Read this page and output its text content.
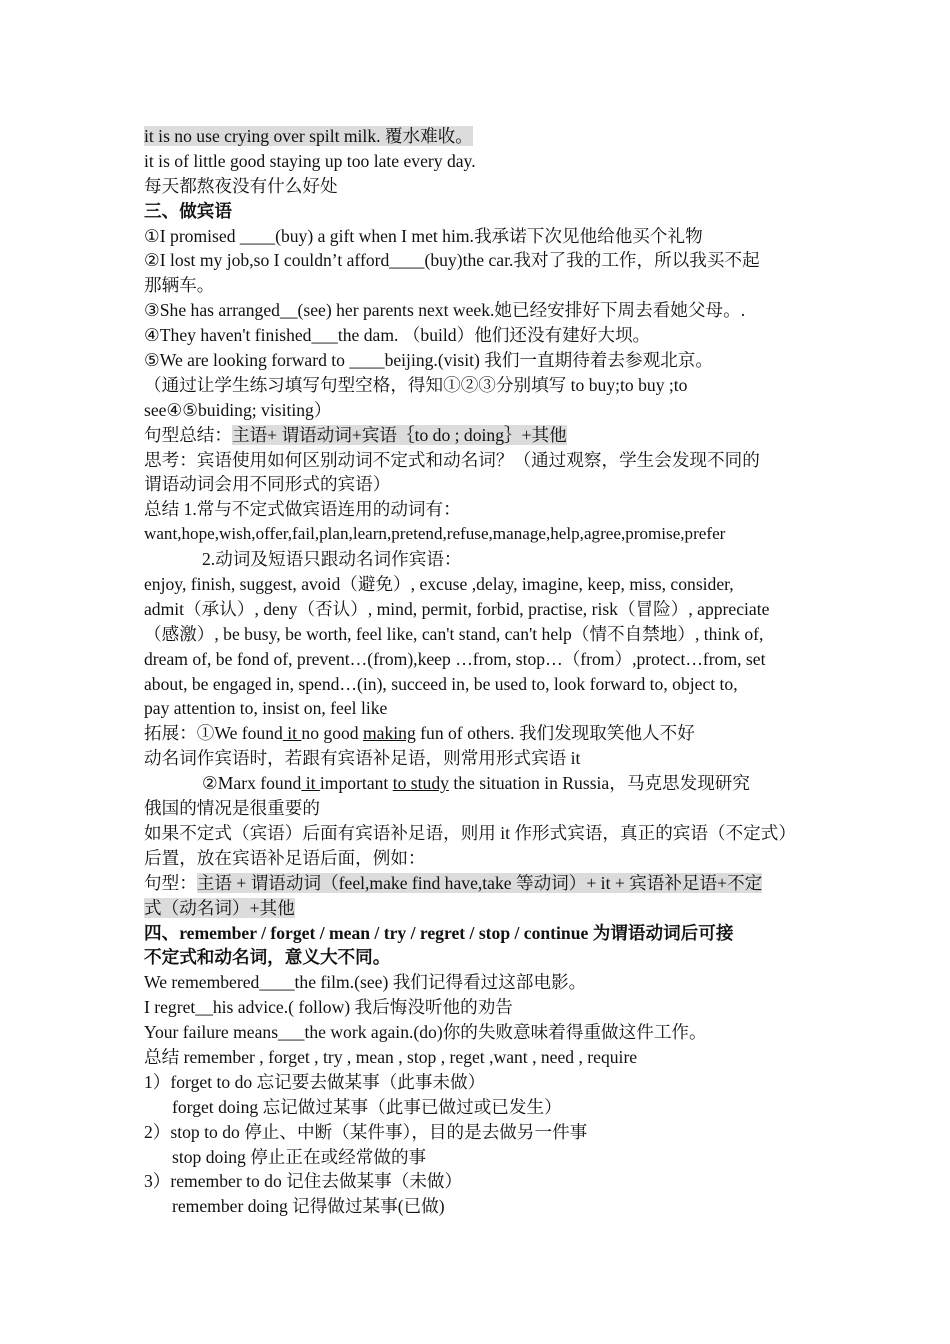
it is no use crying over spilt milk. 覆水难收。
it is of little good staying up too late every day.
每天都熬夜没有什么好处
三、做宾语
①I promised ____(buy) a gift when I met him.我承诺下次见他给他买个礼物
②I lost my job,so I couldn’t afford____(buy)the car.我对了我的工作，所以我买不起
那辆车。
③She has arranged__(see) her parents next week.她已经安排好下周去看她父母。.
④They haven't finished___the dam. （build）他们还没有建好大坝。
⑤We are looking forward to ____beijing.(visit) 我们一直期待着去参观北京。
（通过让学生练习填写句型空格，得知①②③分别填写 to buy;to buy ;to
see④⑤buiding; visiting）
句型总结：主语+ 谓语动词+宾语｛to do ; doing｝+其他
思考：宾语使用如何区别动词不定式和动名词？（通过观察，学生会发现不同的
谓语动词会用不同形式的宾语）
总结 1.常与不定式做宾语连用的动词有：
want,hope,wish,offer,fail,plan,learn,pretend,refuse,manage,help,agree,promise,prefer
2.动词及短语只跟动名词作宾语：
enjoy, finish, suggest, avoid（避免）, excuse ,delay, imagine, keep, miss, consider,
admit（承认）, deny（否认）, mind, permit, forbid, practise, risk（冒险）, appreciate
（感激）, be busy, be worth, feel like, can't stand, can't help（情不自禁地）, think of,
dream of, be fond of, prevent…(from),keep …from, stop…（from）,protect…from, set
about, be engaged in, spend…(in), succeed in, be used to, look forward to, object to,
pay attention to, insist on, feel like
拓展：①We found it no good making fun of others. 我们发现取笑他人不好
动名词作宾语时，若跟有宾语补足语，则常用形式宾语 it
②Marx found it important to study the situation in Russia，马克思发现研究
俄国的情况是很重要的
如果不定式（宾语）后面有宾语补足语，则用 it 作形式宾语，真正的宾语（不定式）
后置，放在宾语补足语后面，例如：
句型：主语 + 谓语动词（feel,make find have,take 等动词）+ it + 宾语补足语+不定
式（动名词）+其他
四、remember / forget / mean / try / regret / stop / continue 为谓语动词后可接
不定式和动名词，意义大不同。
We remembered____the film.(see) 我们记得看过这部电影。
I regret__his advice.( follow) 我后悔没听他的劝告
Your failure means___the work again.(do)你的失败意味着得重做这件工作。
总结 remember , forget , try , mean , stop , reget ,want , need , require
1）forget to do 忘记要去做某事（此事未做）
forget doing 忘记做过某事（此事已做过或已发生）
2）stop to do 停止、中断（某件事），目的是去做另一件事
stop doing 停止正在或经常做的事
3）remember to do 记住去做某事（未做）
remember doing 记得做过某事(已做)
